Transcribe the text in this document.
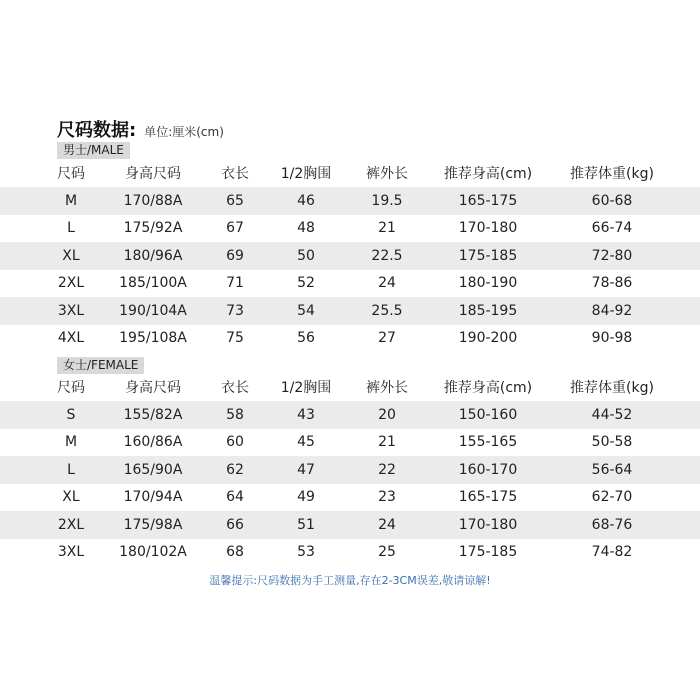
尺码数据: 单位:厘米(cm)
男士/MALE
尺码	身高尺码	衣长	1/2胸围	裤外长	推荐身高(cm)	推荐体重(kg)
M	170/88A	65	46	19.5	165-175	60-68
L	175/92A	67	48	21	170-180	66-74
XL	180/96A	69	50	22.5	175-185	72-80
2XL	185/100A	71	52	24	180-190	78-86
3XL	190/104A	73	54	25.5	185-195	84-92
4XL	195/108A	75	56	27	190-200	90-98
女士/FEMALE
尺码	身高尺码	衣长	1/2胸围	裤外长	推荐身高(cm)	推荐体重(kg)
S	155/82A	58	43	20	150-160	44-52
M	160/86A	60	45	21	155-165	50-58
L	165/90A	62	47	22	160-170	56-64
XL	170/94A	64	49	23	165-175	62-70
2XL	175/98A	66	51	24	170-180	68-76
3XL	180/102A	68	53	25	175-185	74-82
温馨提示:尺码数据为手工测量,存在2-3CM误差,敬请谅解!
